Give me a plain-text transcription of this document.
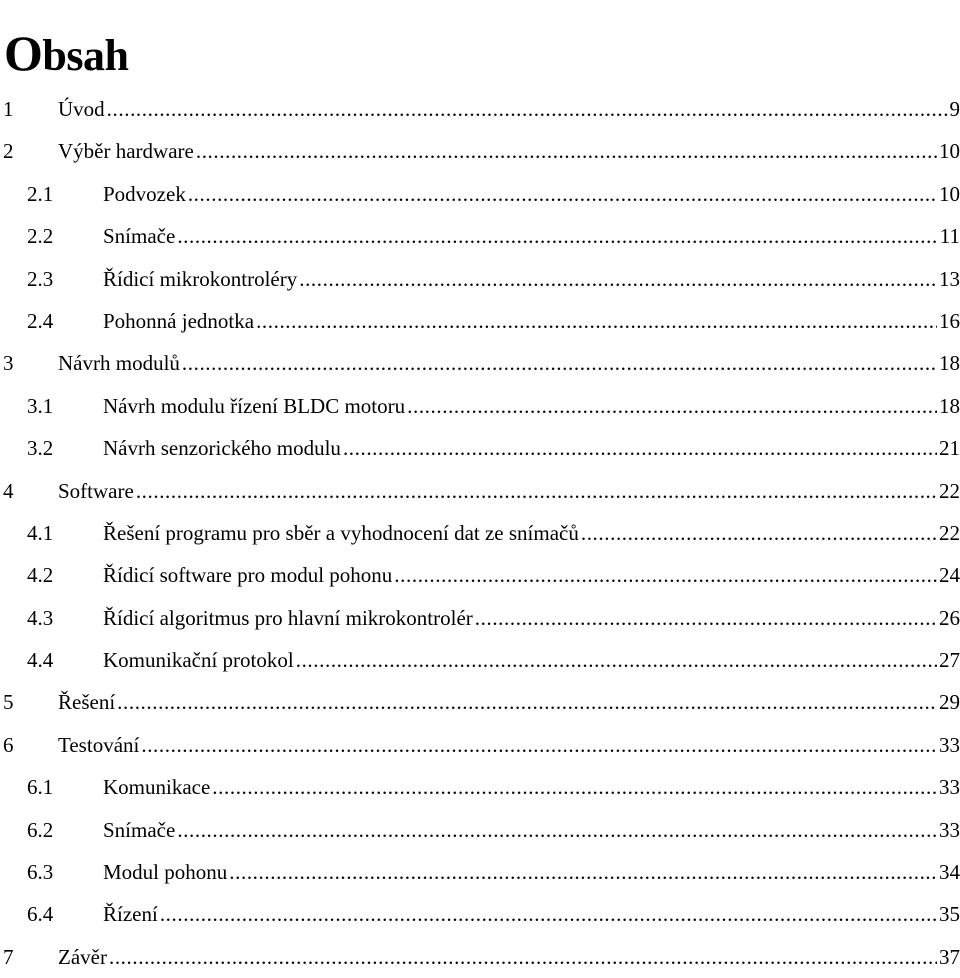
Obsah
1 Úvod .....	9
2 Výběr hardware .....	10
2.1 Podvozek .....	10
2.2 Snímače .....	11
2.3 Řídicí mikrokontroléry .....	13
2.4 Pohonná jednotka .....	16
3 Návrh modulů .....	18
3.1 Návrh modulu řízení BLDC motoru .....	18
3.2 Návrh senzorického modulu .....	21
4 Software .....	22
4.1 Řešení programu pro sběr a vyhodnocení dat ze snímačů .....	22
4.2 Řídicí software pro modul pohonu .....	24
4.3 Řídicí algoritmus pro hlavní mikrokontrolér .....	26
4.4 Komunikační protokol .....	27
5 Řešení .....	29
6 Testování .....	33
6.1 Komunikace .....	33
6.2 Snímače .....	33
6.3 Modul pohonu .....	34
6.4 Řízení .....	35
7 Závěr .....	37
